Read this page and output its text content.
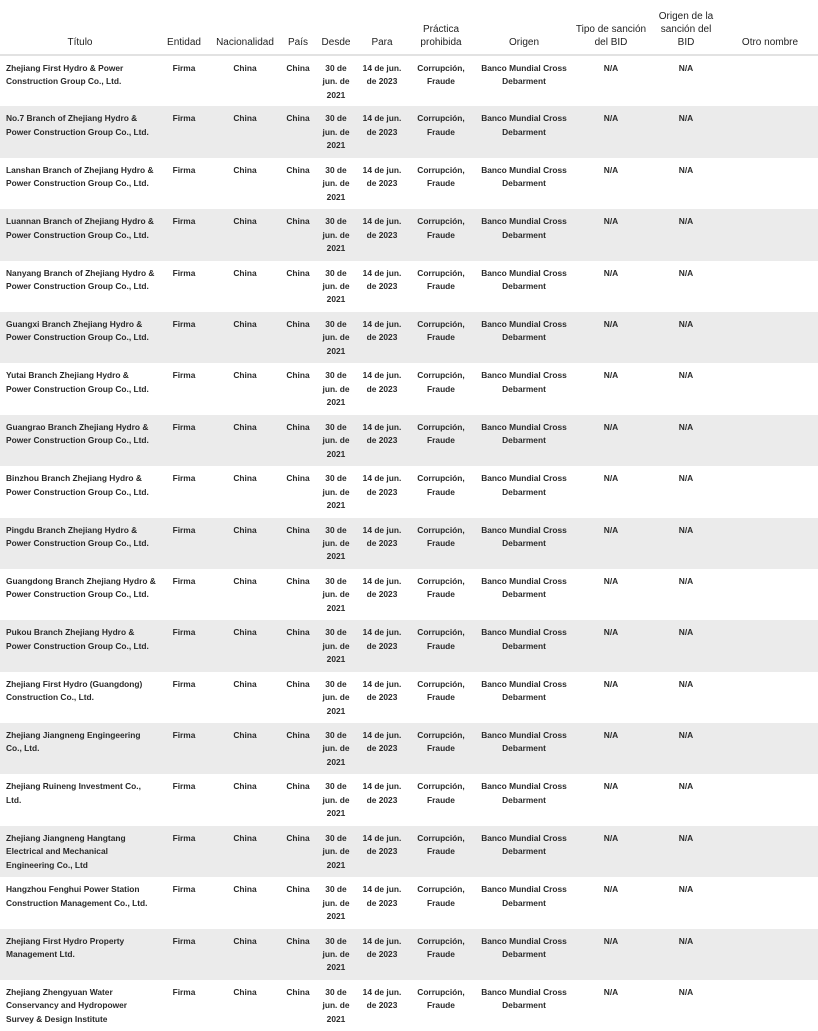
Título	Entidad	Nacionalidad	País	Desde	Para	Práctica prohibida	Origen	Tipo de sanción del BID	Origen de la sanción del BID	Otro nombre
Zhejiang First Hydro & Power Construction Group Co., Ltd.	Firma	China	China	30 de jun. de 2021	14 de jun. de 2023	Corrupción, Fraude	Banco Mundial Cross Debarment	N/A	N/A	
No.7 Branch of Zhejiang Hydro & Power Construction Group Co., Ltd.	Firma	China	China	30 de jun. de 2021	14 de jun. de 2023	Corrupción, Fraude	Banco Mundial Cross Debarment	N/A	N/A	
Lanshan Branch of Zhejiang Hydro & Power Construction Group Co., Ltd.	Firma	China	China	30 de jun. de 2021	14 de jun. de 2023	Corrupción, Fraude	Banco Mundial Cross Debarment	N/A	N/A	
Luannan Branch of Zhejiang Hydro & Power Construction Group Co., Ltd.	Firma	China	China	30 de jun. de 2021	14 de jun. de 2023	Corrupción, Fraude	Banco Mundial Cross Debarment	N/A	N/A	
Nanyang Branch of Zhejiang Hydro & Power Construction Group Co., Ltd.	Firma	China	China	30 de jun. de 2021	14 de jun. de 2023	Corrupción, Fraude	Banco Mundial Cross Debarment	N/A	N/A	
Guangxi Branch Zhejiang Hydro & Power Construction Group Co., Ltd.	Firma	China	China	30 de jun. de 2021	14 de jun. de 2023	Corrupción, Fraude	Banco Mundial Cross Debarment	N/A	N/A	
Yutai Branch Zhejiang Hydro & Power Construction Group Co., Ltd.	Firma	China	China	30 de jun. de 2021	14 de jun. de 2023	Corrupción, Fraude	Banco Mundial Cross Debarment	N/A	N/A	
Guangrao Branch Zhejiang Hydro & Power Construction Group Co., Ltd.	Firma	China	China	30 de jun. de 2021	14 de jun. de 2023	Corrupción, Fraude	Banco Mundial Cross Debarment	N/A	N/A	
Binzhou Branch Zhejiang Hydro & Power Construction Group Co., Ltd.	Firma	China	China	30 de jun. de 2021	14 de jun. de 2023	Corrupción, Fraude	Banco Mundial Cross Debarment	N/A	N/A	
Pingdu Branch Zhejiang Hydro & Power Construction Group Co., Ltd.	Firma	China	China	30 de jun. de 2021	14 de jun. de 2023	Corrupción, Fraude	Banco Mundial Cross Debarment	N/A	N/A	
Guangdong Branch Zhejiang Hydro & Power Construction Group Co., Ltd.	Firma	China	China	30 de jun. de 2021	14 de jun. de 2023	Corrupción, Fraude	Banco Mundial Cross Debarment	N/A	N/A	
Pukou Branch Zhejiang Hydro & Power Construction Group Co., Ltd.	Firma	China	China	30 de jun. de 2021	14 de jun. de 2023	Corrupción, Fraude	Banco Mundial Cross Debarment	N/A	N/A	
Zhejiang First Hydro (Guangdong) Construction Co., Ltd.	Firma	China	China	30 de jun. de 2021	14 de jun. de 2023	Corrupción, Fraude	Banco Mundial Cross Debarment	N/A	N/A	
Zhejiang Jiangneng Engingeering Co., Ltd.	Firma	China	China	30 de jun. de 2021	14 de jun. de 2023	Corrupción, Fraude	Banco Mundial Cross Debarment	N/A	N/A	
Zhejiang Ruineng Investment Co., Ltd.	Firma	China	China	30 de jun. de 2021	14 de jun. de 2023	Corrupción, Fraude	Banco Mundial Cross Debarment	N/A	N/A	
Zhejiang Jiangneng Hangtang Electrical and Mechanical Engineering Co., Ltd	Firma	China	China	30 de jun. de 2021	14 de jun. de 2023	Corrupción, Fraude	Banco Mundial Cross Debarment	N/A	N/A	
Hangzhou Fenghui Power Station Construction Management Co., Ltd.	Firma	China	China	30 de jun. de 2021	14 de jun. de 2023	Corrupción, Fraude	Banco Mundial Cross Debarment	N/A	N/A	
Zhejiang First Hydro Property Management Ltd.	Firma	China	China	30 de jun. de 2021	14 de jun. de 2023	Corrupción, Fraude	Banco Mundial Cross Debarment	N/A	N/A	
Zhejiang Zhengyuan Water Conservancy and Hydropower Survey & Design Institute	Firma	China	China	30 de jun. de 2021	14 de jun. de 2023	Corrupción, Fraude	Banco Mundial Cross Debarment	N/A	N/A	
